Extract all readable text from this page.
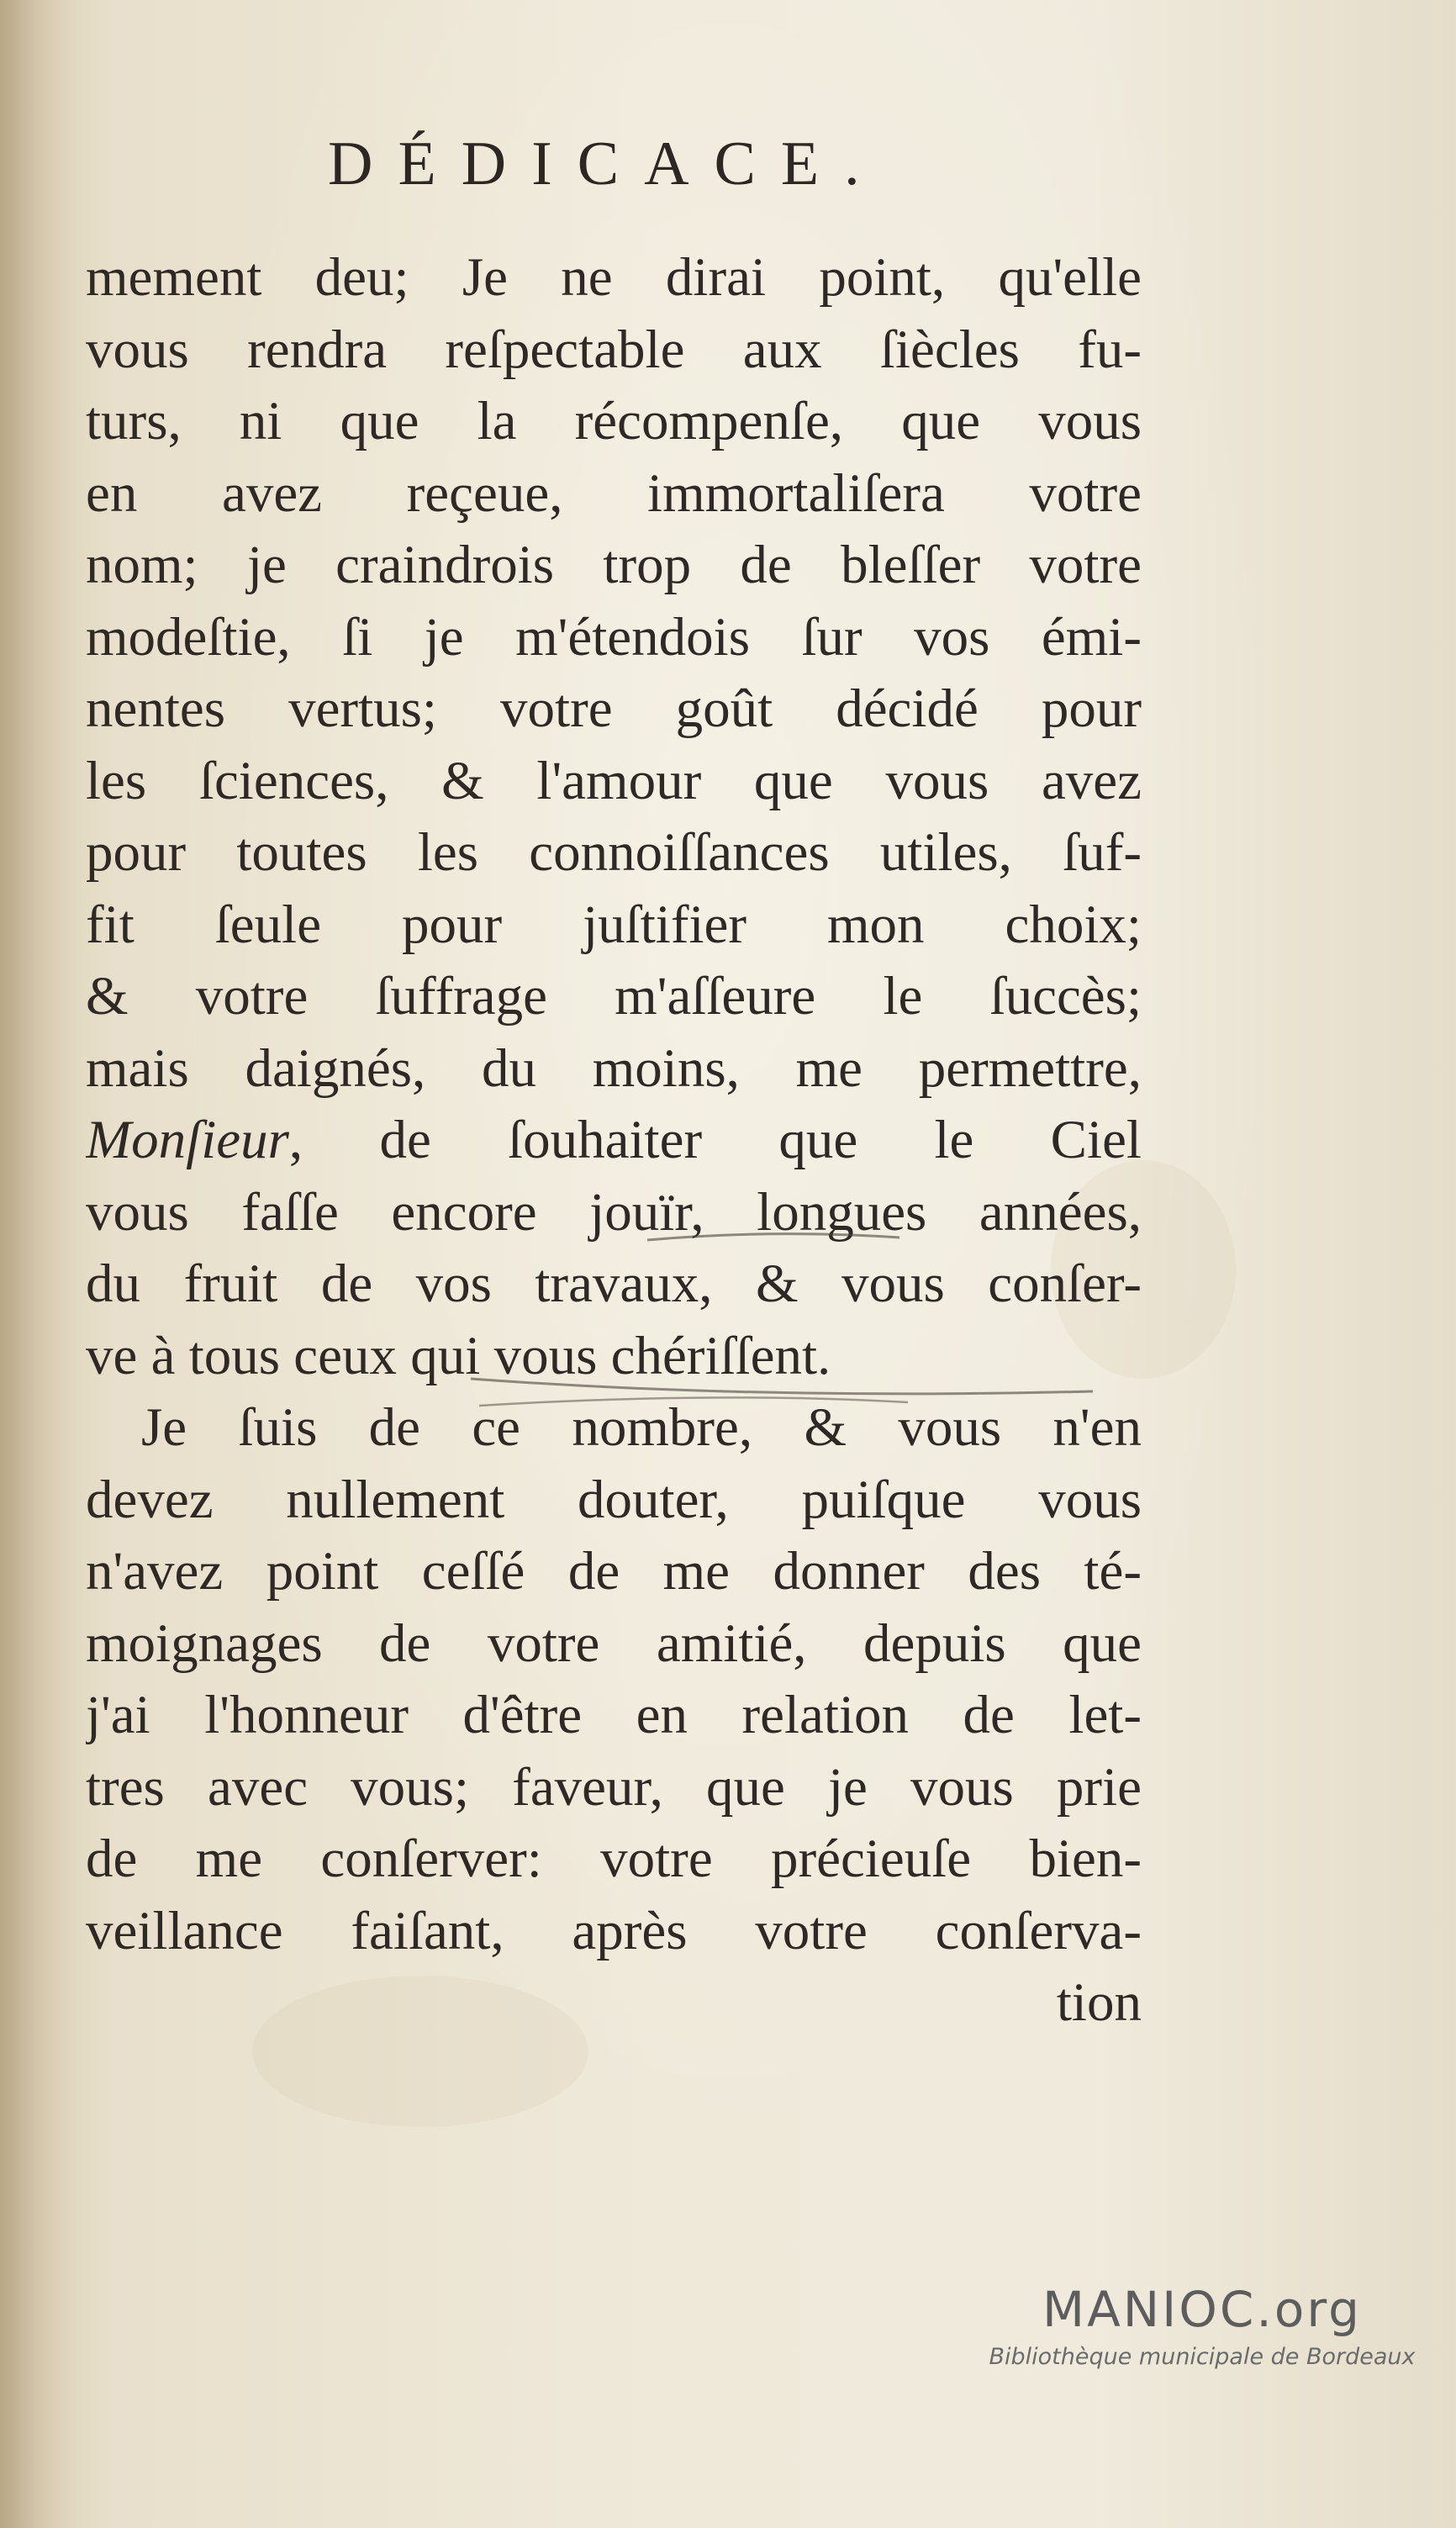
DÉDICACE.
mement deu; Je ne dirai point, qu'elle
vous rendra reſpectable aux ſiècles fu-
turs, ni que la récompenſe, que vous
en avez reçeue, immortaliſera votre
nom; je craindrois trop de bleſſer votre
modeſtie, ſi je m'étendois ſur vos émi-
nentes vertus; votre goût décidé pour
les ſciences, & l'amour que vous avez
pour toutes les connoiſſances utiles, ſuf-
fit ſeule pour juſtifier mon choix;
& votre ſuffrage m'aſſeure le ſuccès;
mais daignés, du moins, me permettre,
Monſieur, de ſouhaiter que le Ciel
vous faſſe encore jouïr, longues années,
du fruit de vos travaux, & vous conſer-
ve à tous ceux qui vous chériſſent.
Je ſuis de ce nombre, & vous n'en
devez nullement douter, puiſque vous
n'avez point ceſſé de me donner des té-
moignages de votre amitié, depuis que
j'ai l'honneur d'être en relation de let-
tres avec vous; faveur, que je vous prie
de me conſerver: votre précieuſe bien-
veillance faiſant, après votre conſerva-
tion
MANIOC.org
Bibliothèque municipale de Bordeaux
